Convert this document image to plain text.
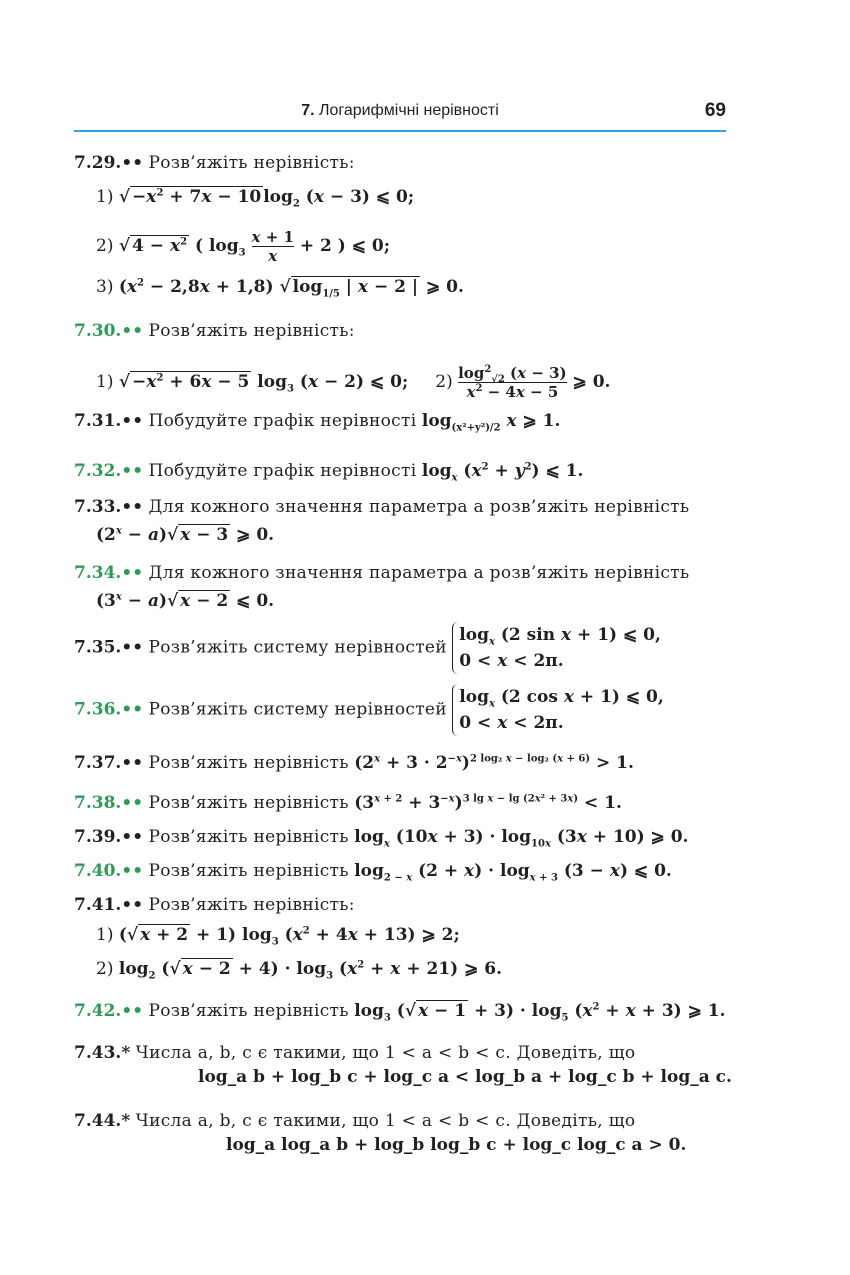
7. Логарифмічні нерівності	69
7.29.•• Розв’яжіть нерівність:
1) √ $-x^2 + 7x - 10$ $\log_2 (x - 3)$ ⩽ 0;
2) √ $4 - x^2$ ( $\log_3 \frac{x + 1}{x} + 2$ ) ⩽ 0;
3) $(x^2 - 2,8x + 1,8)$ √ $\log_{1/5}$ | x − 2 | ⩾ 0.
7.30.•• Розв’яжіть нерівність:
1) √ $-x^2 + 6x - 5$ $\log_3 (x - 2)$ ⩽ 0; $2) \frac{\log^2_{√2} (x - 3)}{x^2 - 4x - 5}$ ⩾ 0.
7.31.•• Побудуйте графік нерівності $\log_{(x^2+y^2)/2} x$ ⩾ 1.
7.32.•• Побудуйте графік нерівності $\log_x (x^2 + y^2)$ ⩽ 1.
7.33.•• Для кожного значення параметра a розв’яжіть нерівність
$(2^x - a)√$ x − 3 ⩾ 0.
7.34.•• Для кожного значення параметра a розв’яжіть нерівність
$(3^x - a)√$ x − 2 ⩽ 0.
7.35.•• Розв’яжіть систему нерівностей $\log_x (2$ sin x + 1) ⩽ 0,
0 < x < 2π.
7.36.•• Розв’яжіть систему нерівностей $\log_x (2$ cos x + 1) ⩽ 0,
0 < x < 2π.
7.37.•• Розв’яжіть нерівність $(2^x + 3 \cdot 2^{-x})^{2 log_2 x - log_2 (x + 6)} > 1$.
7.38.•• Розв’яжіть нерівність $(3^{x + 2} + 3^{-x})^{3 lg x - lg (2x^2 + 3x)} < 1$.
7.39.•• Розв’яжіть нерівність $\log_x (10x + 3) \cdot \log_{10x} (3x + 10)$ ⩾ 0.
7.40.•• Розв’яжіть нерівність $\log_{2 - x} (2 + x) \cdot \log_{x + 3} (3 - x)$ ⩽ 0.
7.41.•• Розв’яжіть нерівність:
1) (√ x + 2 + 1) $\log_3 (x^2 + 4x + 13)$ ⩾ 2;
2) $\log_2$ (√ $x - 2 + 4) \cdot \log_3 (x^2 + x + 21)$ ⩾ 6.
7.42.•• Розв’яжіть нерівність $\log_3$ (√ $x - 1 + 3) \cdot \log_5 (x^2 + x + 3)$ ⩾ 1.
7.43.* Числа a, b, c є такими, що 1 < a < b < c. Доведіть, що
log_a b + log_b c + log_c a < log_b a + log_c b + log_a c.
7.44.* Числа a, b, c є такими, що 1 < a < b < c. Доведіть, що
log_a log_a b + log_b log_b c + log_c log_c a > 0.
